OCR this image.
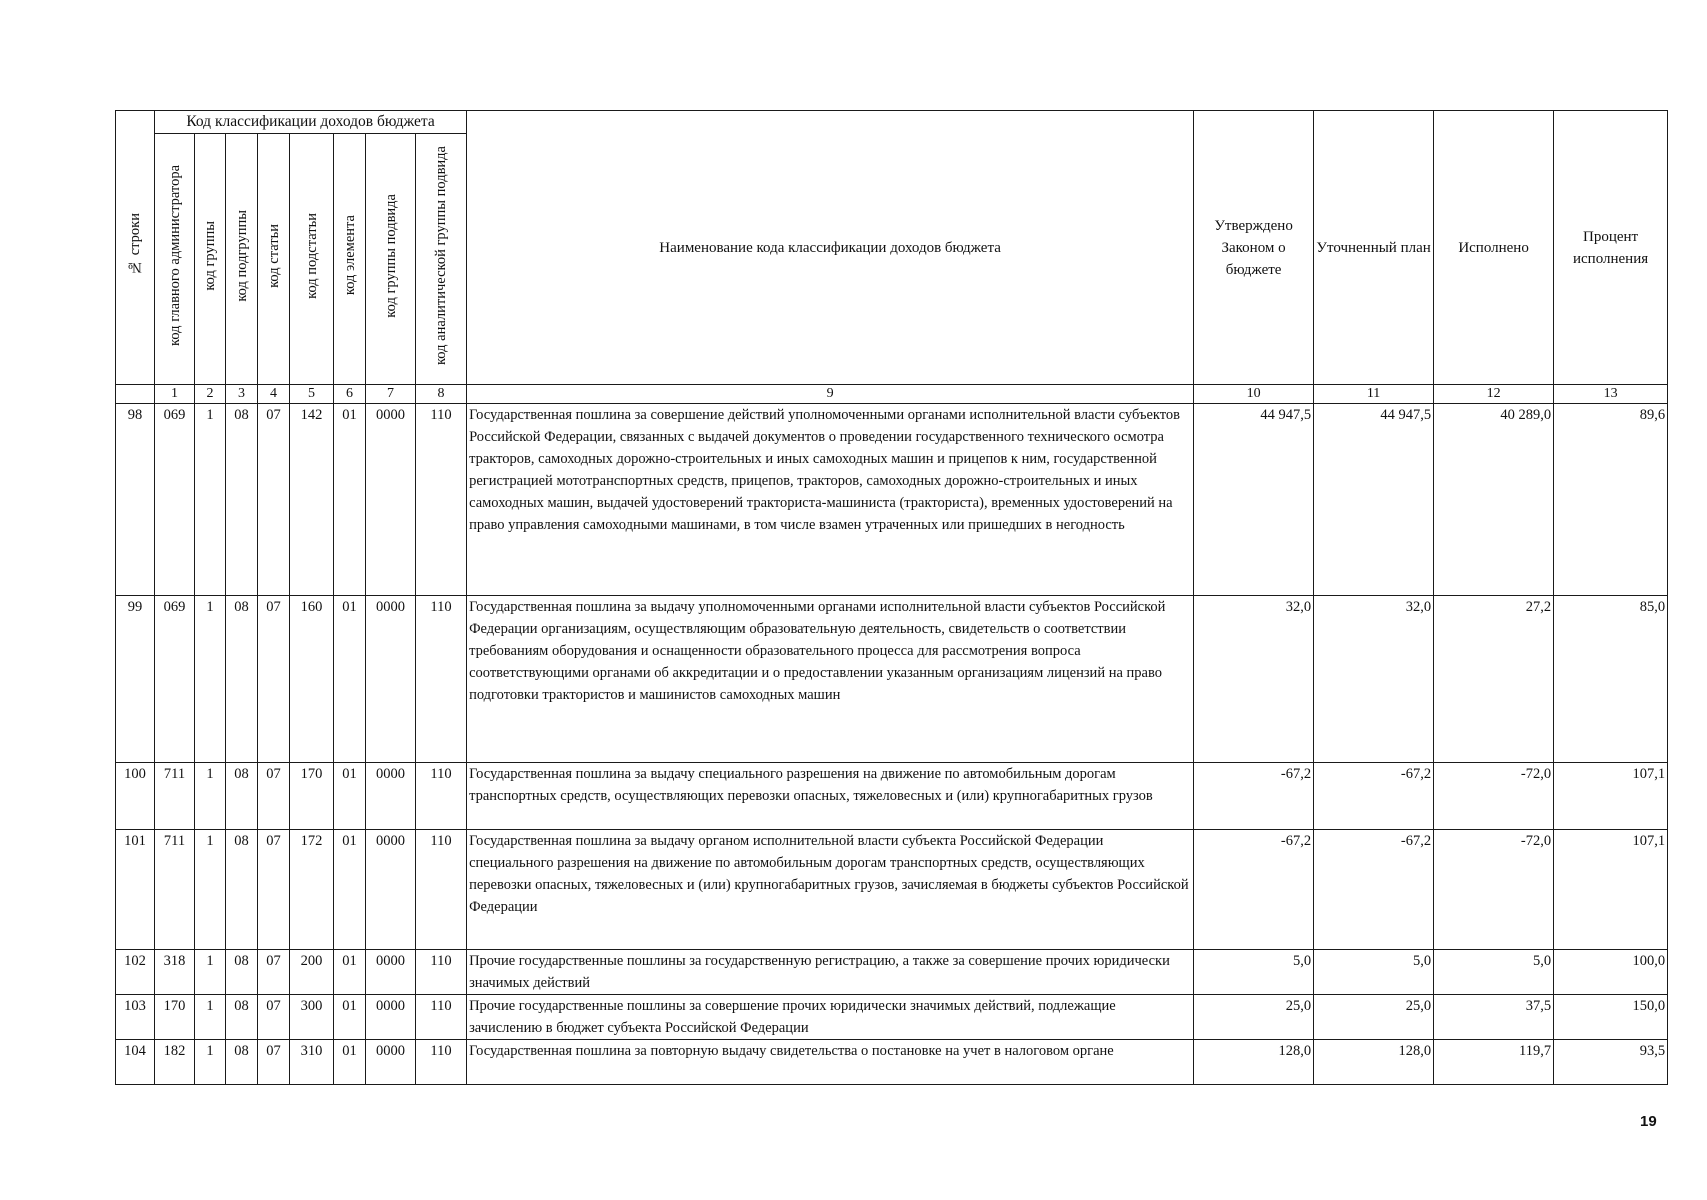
№ строки	Код классификации доходов бюджета								Наименование кода классификации доходов бюджета	Утверждено Законом о бюджете	Уточненный план	Исполнено	Процент исполнения
	код главного администратора	код группы	код подгруппы	код статьи	код подстатьи	код элемента	код группы подвида	код аналитической группы подвида					
	1	2	3	4	5	6	7	8	9	10	11	12	13
98	069	1	08	07	142	01	0000	110	Государственная пошлина за совершение действий уполномоченными органами исполнительной власти субъектов Российской Федерации, связанных с выдачей документов о проведении государственного технического осмотра тракторов, самоходных дорожно-строительных и иных самоходных машин и прицепов к ним, государственной регистрацией мототранспортных средств, прицепов, тракторов, самоходных дорожно-строительных и иных самоходных машин, выдачей удостоверений тракториста-машиниста (тракториста), временных удостоверений на право управления самоходными машинами, в том числе взамен утраченных или пришедших в негодность	44 947,5	44 947,5	40 289,0	89,6
99	069	1	08	07	160	01	0000	110	Государственная пошлина за выдачу уполномоченными органами исполнительной власти субъектов Российской Федерации организациям, осуществляющим образовательную деятельность, свидетельств о соответствии требованиям оборудования и оснащенности образовательного процесса для рассмотрения вопроса соответствующими органами об аккредитации и о предоставлении указанным организациям лицензий на право подготовки трактористов и машинистов самоходных машин	32,0	32,0	27,2	85,0
100	711	1	08	07	170	01	0000	110	Государственная пошлина за выдачу специального разрешения на движение по автомобильным дорогам транспортных средств, осуществляющих перевозки опасных, тяжеловесных и (или) крупногабаритных грузов	-67,2	-67,2	-72,0	107,1
101	711	1	08	07	172	01	0000	110	Государственная пошлина за выдачу органом исполнительной власти субъекта Российской Федерации специального разрешения на движение по автомобильным дорогам транспортных средств, осуществляющих перевозки опасных, тяжеловесных и (или) крупногабаритных грузов, зачисляемая в бюджеты субъектов Российской Федерации	-67,2	-67,2	-72,0	107,1
102	318	1	08	07	200	01	0000	110	Прочие государственные пошлины за государственную регистрацию, а также за совершение прочих юридически значимых действий	5,0	5,0	5,0	100,0
103	170	1	08	07	300	01	0000	110	Прочие государственные пошлины за совершение прочих юридически значимых действий, подлежащие зачислению в бюджет субъекта Российской Федерации	25,0	25,0	37,5	150,0
104	182	1	08	07	310	01	0000	110	Государственная пошлина за повторную выдачу свидетельства о постановке на учет в налоговом органе	128,0	128,0	119,7	93,5
19
